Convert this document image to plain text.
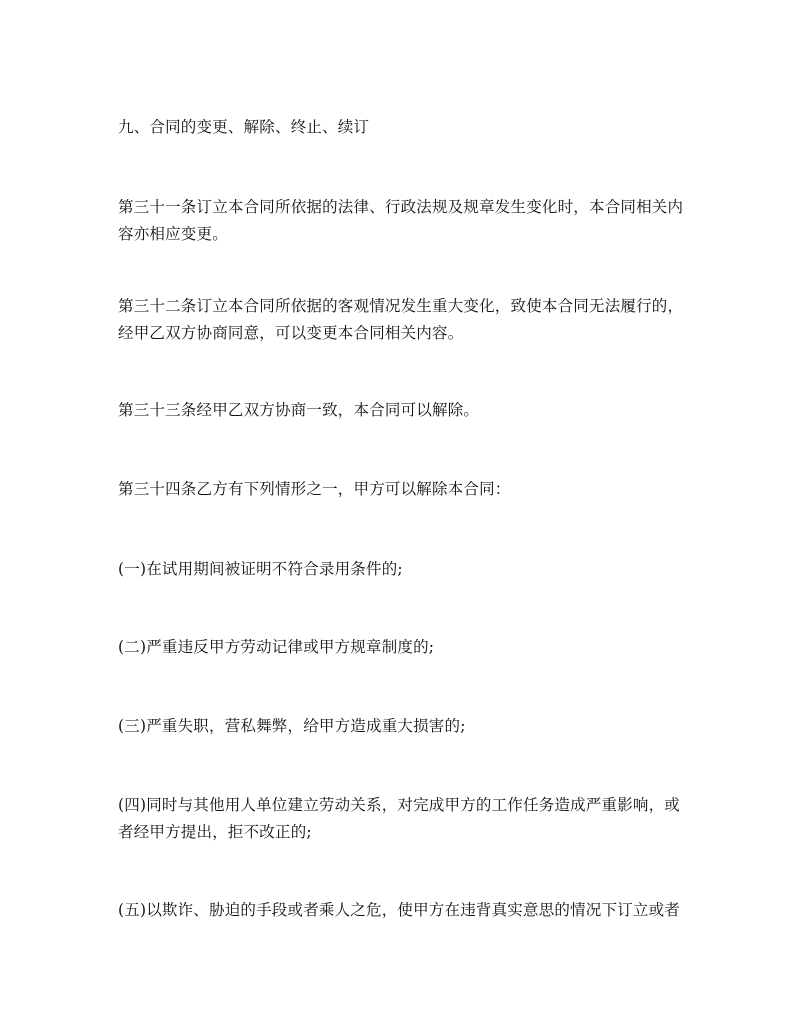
九、合同的变更、解除、终止、续订

第三十一条订立本合同所依据的法律、行政法规及规章发生变化时，本合同相关内
容亦相应变更。

第三十二条订立本合同所依据的客观情况发生重大变化，致使本合同无法履行的，
经甲乙双方协商同意，可以变更本合同相关内容。

第三十三条经甲乙双方协商一致，本合同可以解除。

第三十四条乙方有下列情形之一，甲方可以解除本合同：

(一)在试用期间被证明不符合录用条件的;

(二)严重违反甲方劳动记律或甲方规章制度的;

(三)严重失职，营私舞弊，给甲方造成重大损害的;

(四)同时与其他用人单位建立劳动关系，对完成甲方的工作任务造成严重影响，或
者经甲方提出，拒不改正的;

(五)以欺诈、胁迫的手段或者乘人之危，使甲方在违背真实意思的情况下订立或者
